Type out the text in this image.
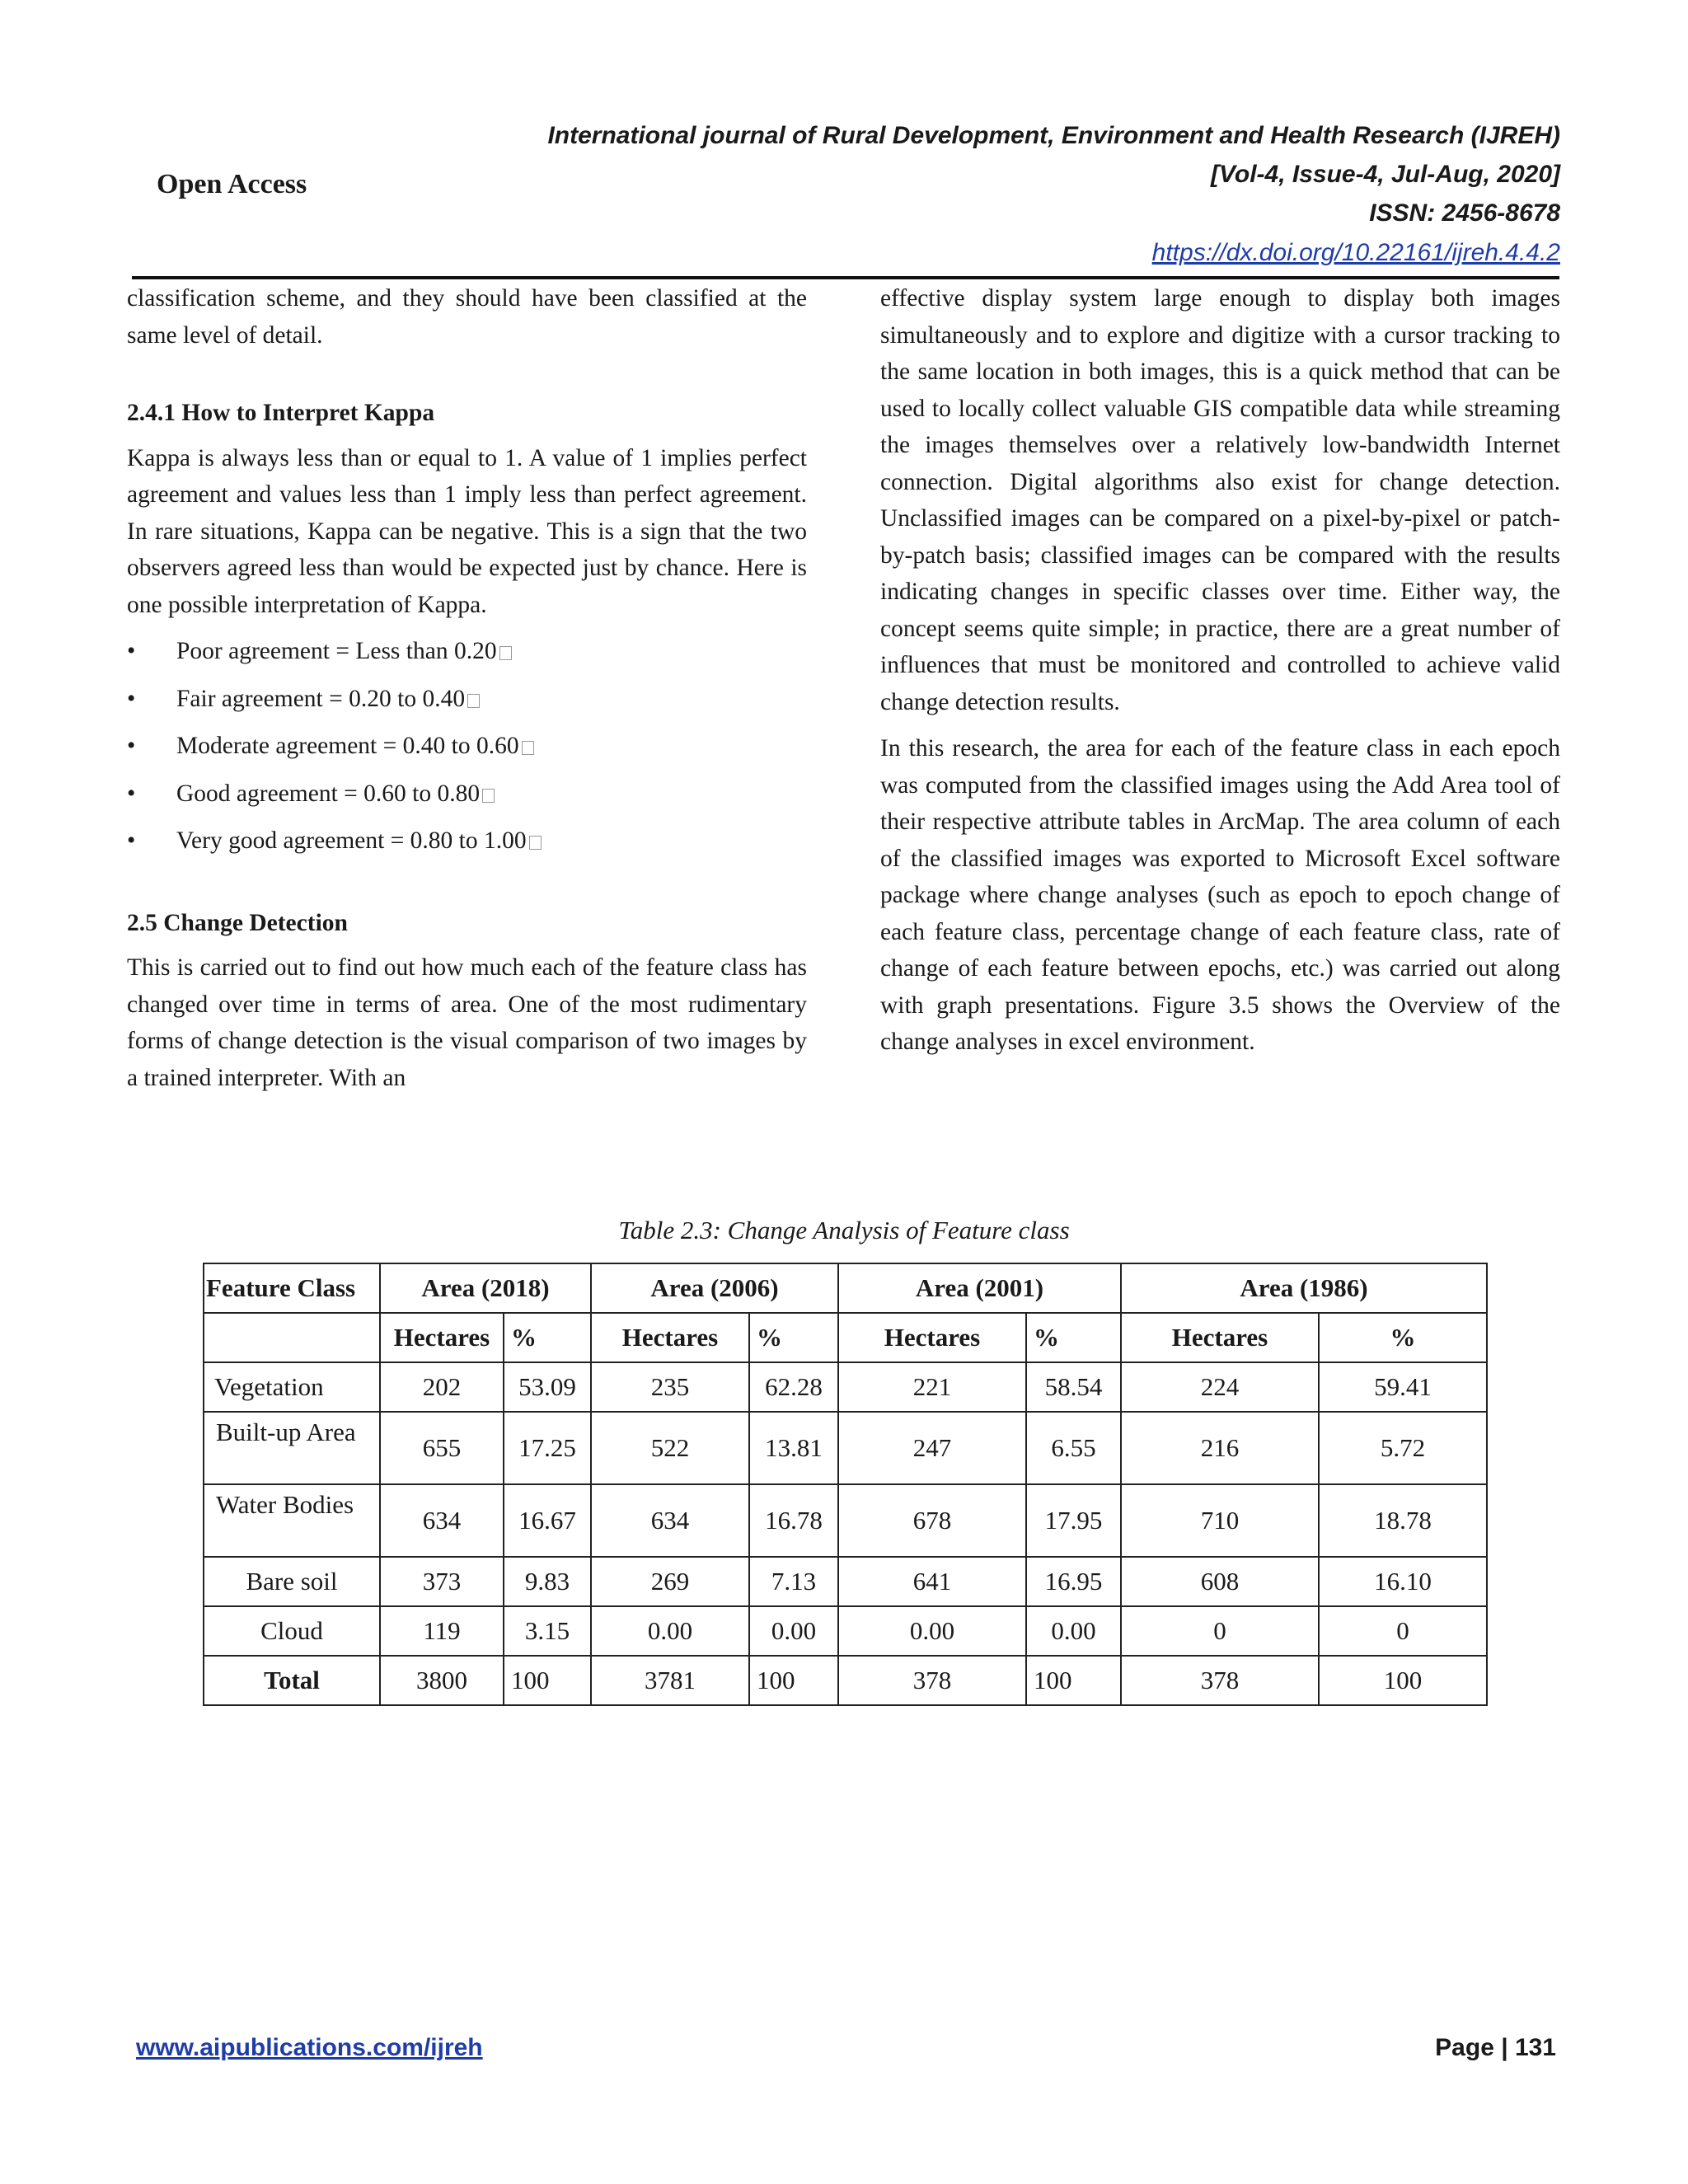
Open Access
International journal of Rural Development, Environment and Health Research (IJREH)
[Vol-4, Issue-4, Jul-Aug, 2020]
ISSN: 2456-8678
https://dx.doi.org/10.22161/ijreh.4.4.2

classification scheme, and they should have been classified at the same level of detail.

2.4.1 How to Interpret Kappa

Kappa is always less than or equal to 1. A value of 1 implies perfect agreement and values less than 1 imply less than perfect agreement. In rare situations, Kappa can be negative. This is a sign that the two observers agreed less than would be expected just by chance. Here is one possible interpretation of Kappa.

• Poor agreement = Less than 0.20
• Fair agreement = 0.20 to 0.40
• Moderate agreement = 0.40 to 0.60
• Good agreement = 0.60 to 0.80
• Very good agreement = 0.80 to 1.00
2.5 Change Detection

This is carried out to find out how much each of the feature class has changed over time in terms of area. One of the most rudimentary forms of change detection is the visual comparison of two images by a trained interpreter. With an

effective display system large enough to display both images simultaneously and to explore and digitize with a cursor tracking to the same location in both images, this is a quick method that can be used to locally collect valuable GIS compatible data while streaming the images themselves over a relatively low-bandwidth Internet connection. Digital algorithms also exist for change detection. Unclassified images can be compared on a pixel-by-pixel or patch-by-patch basis; classified images can be compared with the results indicating changes in specific classes over time. Either way, the concept seems quite simple; in practice, there are a great number of influences that must be monitored and controlled to achieve valid change detection results.

In this research, the area for each of the feature class in each epoch was computed from the classified images using the Add Area tool of their respective attribute tables in ArcMap. The area column of each of the classified images was exported to Microsoft Excel software package where change analyses (such as epoch to epoch change of each feature class, percentage change of each feature class, rate of change of each feature between epochs, etc.) was carried out along with graph presentations. Figure 3.5 shows the Overview of the change analyses in excel environment.

Table 2.3: Change Analysis of Feature class
Feature Class	Area (2018)		Area (2006)		Area (2001)		Area (1986)	
	Hectares	%	Hectares	%	Hectares	%	Hectares	%
Vegetation	202	53.09	235	62.28	221	58.54	224	59.41
Built-up Area	655	17.25	522	13.81	247	6.55	216	5.72
Water Bodies	634	16.67	634	16.78	678	17.95	710	18.78
Bare soil	373	9.83	269	7.13	641	16.95	608	16.10
Cloud	119	3.15	0.00	0.00	0.00	0.00	0	0
Total	3800	100	3781	100	378	100	378	100
www.aipublications.com/ijreh	Page | 131
